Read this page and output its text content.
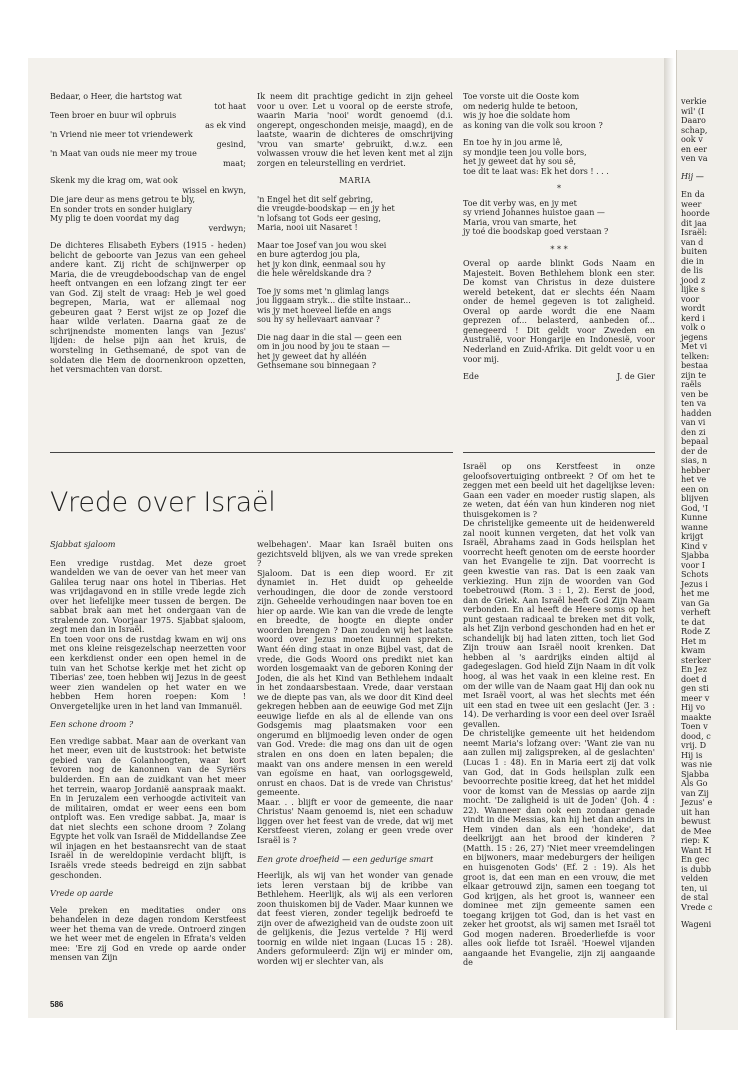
Bedaar, o Heer, die hartstog wat
tot haat
Teen broer en buur wil opbruis
as ek vind
'n Vriend nie meer tot vriendewerk
gesind,
'n Maat van ouds nie meer my troue
maat;
Skenk my die krag om, wat ook
wissel en kwyn,
Die jare deur as mens getrou te bly,
En sonder trots en sonder huiglary
My plig te doen voordat my dag
verdwyn;
De dichteres Elisabeth Eybers (1915 - heden) belicht de geboorte van Jezus van een geheel andere kant. Zij richt de schijnwerper op Maria, die de vreugdeboodschap van de engel heeft ontvangen en een lofzang zingt ter eer van God. Zij stelt de vraag: Heb je wel goed begrepen, Maria, wat er allemaal nog gebeuren gaat ? Eerst wijst ze op Jozef die haar wilde verlaten. Daarna gaat ze de schrijnendste momenten langs van Jezus' lijden: de helse pijn aan het kruis, de worsteling in Gethsemané, de spot van de soldaten die Hem de doornenkroon opzetten, het versmachten van dorst.
Ik neem dit prachtige gedicht in zijn geheel voor u over. Let u vooral op de eerste strofe, waarin Maria 'nooi' wordt genoemd (d.i. ongerept, ongeschonden meisje, maagd), en de laatste, waarin de dichteres de omschrijving 'vrou van smarte' gebruikt, d.w.z. een volwassen vrouw die het leven kent met al zijn zorgen en teleurstelling en verdriet.
MARIA
'n Engel het dit self gebring,
die vreugde-boodskap — en jy het
'n lofsang tot Gods eer gesing,
Maria, nooi uit Nasaret !
Maar toe Josef van jou wou skei
en bure agterdog jou pla,
het jy kon dink, eenmaal sou hy
die hele wêreldskande dra ?
Toe jy soms met 'n glimlag langs
jou liggaam stryk... die stilte instaar...
wis jy met hoeveel liefde en angs
sou hy sy hellevaart aanvaar ?
Die nag daar in die stal — geen een
om in jou nood by jou te staan —
het jy geweet dat hy alléén
Gethsemane sou binnegaan ?
Toe vorste uit die Ooste kom
om nederig hulde te betoon,
wis jy hoe die soldate hom
as koning van die volk sou kroon ?
En toe hy in jou arme lê,
sy mondjie teen jou volle bors,
het jy geweet dat hy sou sê,
toe dit te laat was: Ek het dors ! . . .
*
Toe dit verby was, en jy met
sy vriend Johannes huistoe gaan —
Maria, vrou van smarte, het
jy toé die boodskap goed verstaan ?
* * *
Overal op aarde blinkt Gods Naam en Majesteit. Boven Bethlehem blonk een ster. De komst van Christus in deze duistere wereld betekent, dat er slechts één Naam onder de hemel gegeven is tot zaligheid. Overal op aarde wordt die ene Naam geprezen of... belasterd, aanbeden of... genegeerd ! Dit geldt voor Zweden en Australië, voor Hongarije en Indonesië, voor Nederland en Zuid-Afrika. Dit geldt voor u en voor mij.
Ede	J. de Gier
Vrede over Israël
Sjabbat sjaloom

Een vredige rustdag. Met deze groet wandelden we van de oever van het meer van Galilea terug naar ons hotel in Tiberias. Het was vrijdagavond en in stille vrede legde zich over het liefelijke meer tussen de bergen. De sabbat brak aan met het ondergaan van de stralende zon. Voorjaar 1975. Sjabbat sjaloom, zegt men dan in Israël.

En toen voor ons de rustdag kwam en wij ons met ons kleine reisgezelschap neerzetten voor een kerkdienst onder een open hemel in de tuin van het Schotse kerkje met het zicht op Tiberias' zee, toen hebben wij Jezus in de geest weer zien wandelen op het water en we hebben Hem horen roepen: Kom ! Onvergetelijke uren in het land van Immanuël.

Een schone droom ?

Een vredige sabbat. Maar aan de overkant van het meer, even uit de kuststrook: het betwiste gebied van de Golanhoogten, waar kort tevoren nog de kanonnen van de Syriërs bulderden. En aan de zuidkant van het meer het terrein, waarop Jordanië aanspraak maakt. En in Jeruzalem een verhoogde activiteit van de militairen, omdat er weer eens een bom ontploft was. Een vredige sabbat. Ja, maar is dat niet slechts een schone droom ? Zolang Egypte het volk van Israël de Middellandse Zee wil injagen en het bestaansrecht van de staat Israël in de wereldopinie verdacht blijft, is Israëls vrede steeds bedreigd en zijn sabbat geschonden.

Vrede op aarde

Vele preken en meditaties onder ons behandelen in deze dagen rondom Kerstfeest weer het thema van de vrede. Ontroerd zingen we het weer met de engelen in Efrata's velden mee: 'Ere zij God en vrede op aarde onder mensen van Zijn

welbehagen'. Maar kan Israël buiten ons gezichtsveld blijven, als we van vrede spreken ?

Sjaloom. Dat is een diep woord. Er zit dynamiet in. Het duidt op geheelde verhoudingen, die door de zonde verstoord zijn. Geheelde verhoudingen naar boven toe en hier op aarde. Wie kan van die vrede de lengte en breedte, de hoogte en diepte onder woorden brengen ? Dan zouden wij het laatste woord over Jezus moeten kunnen spreken. Want één ding staat in onze Bijbel vast, dat de vrede, die Gods Woord ons predikt niet kan worden losgemaakt van de geboren Koning der Joden, die als het Kind van Bethlehem indaalt in het zondaarsbestaan. Vrede, daar verstaan we de diepte pas van, als we door dit Kind deel gekregen hebben aan de eeuwige God met Zijn eeuwige liefde en als al de ellende van ons Godsgemis mag plaatsmaken voor een ongerumd en blijmoedig leven onder de ogen van God. Vrede: die mag ons dan uit de ogen stralen en ons doen en laten bepalen; die maakt van ons andere mensen in een wereld van egoïsme en haat, van oorlogsgeweld, onrust en chaos. Dat is de vrede van Christus' gemeente.

Maar. . . blijft er voor de gemeente, die naar Christus' Naam genoemd is, niet een schaduw liggen over het feest van de vrede, dat wij met Kerstfeest vieren, zolang er geen vrede over Israël is ?

Een grote droefheid — een gedurige smart

Heerlijk, als wij van het wonder van genade iets leren verstaan bij de kribbe van Bethlehem. Heerlijk, als wij als een verloren zoon thuiskomen bij de Vader. Maar kunnen we dat feest vieren, zonder tegelijk bedroefd te zijn over de afwezigheid van de oudste zoon uit de gelijkenis, die Jezus vertelde ? Hij werd toornig en wilde niet ingaan (Lucas 15 : 28). Anders geformuleerd: Zijn wij er minder om, worden wij er slechter van, als

Israël op ons Kerstfeest in onze geloofsovertuiging ontbreekt ? Of om het te zeggen met een beeld uit het dagelijkse leven: Gaan een vader en moeder rustig slapen, als ze weten, dat één van hun kinderen nog niet thuisgekomen is ?

De christelijke gemeente uit de heidenwereld zal nooit kunnen vergeten, dat het volk van Israël, Abrahams zaad in Gods heilsplan het voorrecht heeft genoten om de eerste hoorder van het Evangelie te zijn. Dat voorrecht is geen kwestie van ras. Dat is een zaak van verkiezing. Hun zijn de woorden van God toebetrouwd (Rom. 3 : 1, 2). Eerst de jood, dan de Griek. Aan Israël heeft God Zijn Naam verbonden. En al heeft de Heere soms op het punt gestaan radicaal te breken met dit volk, als het Zijn verbond geschonden had en het er schandelijk bij had laten zitten, toch liet God Zijn trouw aan Israël nooit krenken. Dat hebben al 's aardrijks einden altijd al gadegeslagen. God hield Zijn Naam in dit volk hoog, al was het vaak in een kleine rest. En om der wille van de Naam gaat Hij dan ook nu met Israël voort, al was het slechts met één uit een stad en twee uit een geslacht (Jer. 3 : 14). De verharding is voor een deel over Israël gevallen.

De christelijke gemeente uit het heidendom neemt Maria's lofzang over: 'Want zie van nu aan zullen mij zaligspreken, al de geslachten' (Lucas 1 : 48). En in Maria eert zij dat volk van God, dat in Gods heilsplan zulk een bevoorrechte positie kreeg, dat het het middel voor de komst van de Messias op aarde zijn mocht. 'De zaligheid is uit de Joden' (Joh. 4 : 22). Wanneer dan ook een zondaar genade vindt in die Messias, kan hij het dan anders in Hem vinden dan als een 'hondeke', dat deelkrijgt aan het brood der kinderen ? (Matth. 15 : 26, 27) 'Niet meer vreemdelingen en bijwoners, maar medeburgers der heiligen en huisgenoten Gods' (Ef. 2 : 19). Als het groot is, dat een man en een vrouw, die met elkaar getrouwd zijn, samen een toegang tot God krijgen, als het groot is, wanneer een dominee met zijn gemeente samen een toegang krijgen tot God, dan is het vast en zeker het grootst, als wij samen met Israël tot God mogen naderen. Broederliefde is voor alles ook liefde tot Israël. 'Hoewel vijanden aangaande het Evangelie, zijn zij aangaande de

586
verkie
wil' (I
Daaro
schap,
ook v
en eer
ven va
Hij —
En da
weer
hoorde
dit jaa
Israël:
van d
buiten
die in
de lis
jood z
lijke s
voor
wordt
kerd i
volk o
jegens
Met vi
telken:
bestaa
zijn te
raëls
ven be
ten va
hadden
van vi
den zi
bepaal
der de
sias, n
hebber
het ve
een on
blijven
God, 'I
Kunne
wanne
krijgt
Kind v
Sjabba
voor I
Schots
Jezus i
het me
van Ga
verheft
te dat
Rode Z
Het m
kwam
sterker
En Jez
doet d
gen sti
meer v
Hij vo
maakte
Toen v
dood, c
vrij. D
Hij is
was nie
Sjabba
Als Go
van Zij
Jezus' e
uit han
bewust
de Mee
riep: K
Want H
En gec
is dubb
velden
ten, ui
de stal
Vrede c
Wageni
